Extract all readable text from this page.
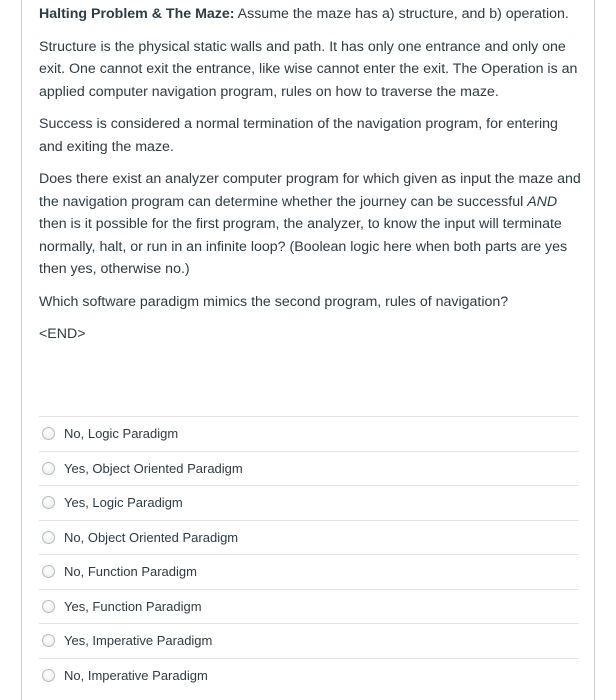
Halting Problem & The Maze: Assume the maze has a) structure, and b) operation.

Structure is the physical static walls and path. It has only one entrance and only one exit. One cannot exit the entrance, like wise cannot enter the exit. The Operation is an applied computer navigation program, rules on how to traverse the maze.

Success is considered a normal termination of the navigation program, for entering and exiting the maze.

Does there exist an analyzer computer program for which given as input the maze and the navigation program can determine whether the journey can be successful AND then is it possible for the first program, the analyzer, to know the input will terminate normally, halt, or run in an infinite loop? (Boolean logic here when both parts are yes then yes, otherwise no.)

Which software paradigm mimics the second program, rules of navigation?

<END>

No, Logic Paradigm
Yes, Object Oriented Paradigm
Yes, Logic Paradigm
No, Object Oriented Paradigm
No, Function Paradigm
Yes, Function Paradigm
Yes, Imperative Paradigm
No, Imperative Paradigm
